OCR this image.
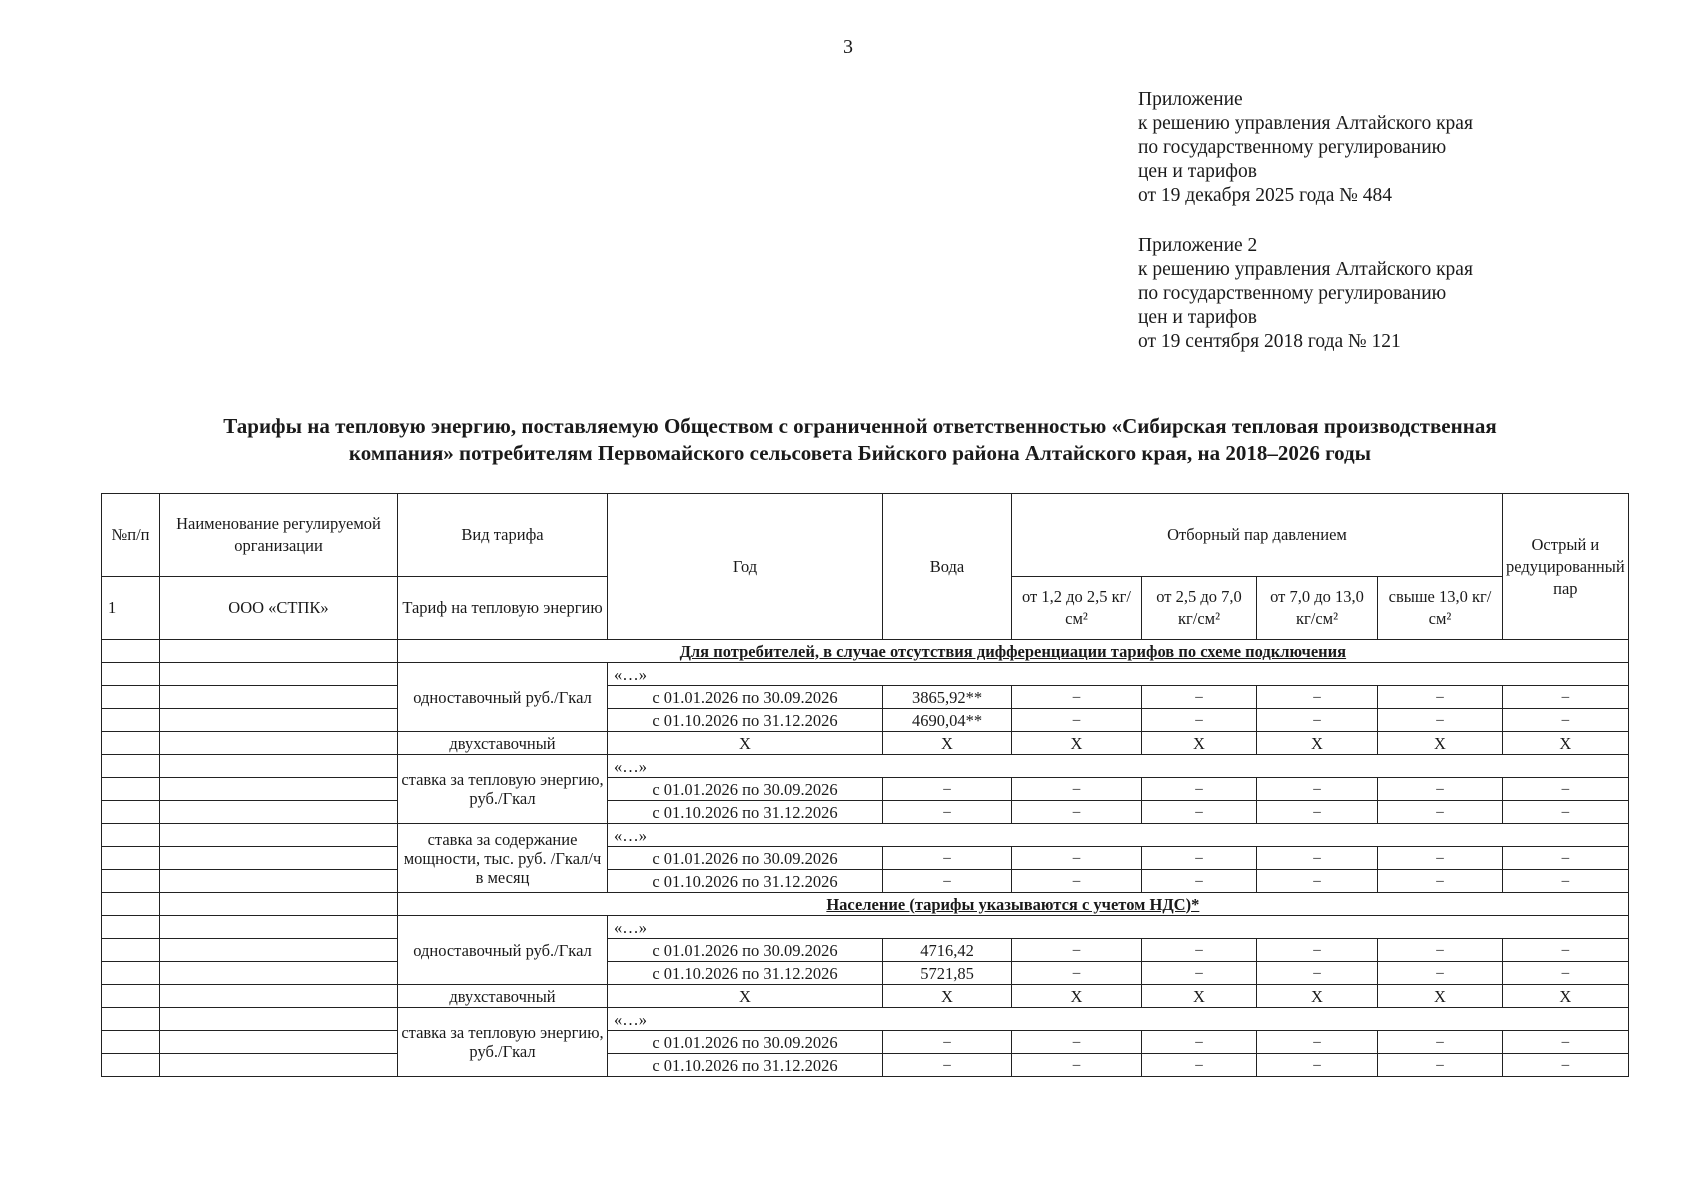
3
Приложение
к решению управления Алтайского края
по государственному регулированию
цен и тарифов
от 19 декабря 2025 года № 484
Приложение 2
к решению управления Алтайского края
по государственному регулированию
цен и тарифов
от 19 сентября 2018 года № 121
Тарифы на тепловую энергию, поставляемую Обществом с ограниченной ответственностью «Сибирская тепловая производственная
компания» потребителям Первомайского сельсовета Бийского района Алтайского края, на 2018–2026 годы
№п/п	Наименование регулируемой организации	Вид тарифа	Год	Вода	Отборный пар давлением				Острый и редуцированный пар
1	ООО «СТПК»	Тариф на тепловую энергию			от 1,2 до 2,5 кг/см²	от 2,5 до 7,0 кг/см²	от 7,0 до 13,0 кг/см²	свыше 13,0 кг/см²	
		Для потребителей, в случае отсутствия дифференциации тарифов по схеме подключения							
		одноставочный руб./Гкал	«…»						
			с 01.01.2026 по 30.09.2026	3865,92**	–	–	–	–	–
			с 01.10.2026 по 31.12.2026	4690,04**	–	–	–	–	–
		двухставочный	Х	Х	Х	Х	Х	Х	Х
		ставка за тепловую энергию, руб./Гкал	«…»						
			с 01.01.2026 по 30.09.2026	–	–	–	–	–	–
			с 01.10.2026 по 31.12.2026	–	–	–	–	–	–
		ставка за содержание мощности, тыс. руб. /Гкал/ч в месяц	«…»						
			с 01.01.2026 по 30.09.2026	–	–	–	–	–	–
			с 01.10.2026 по 31.12.2026	–	–	–	–	–	–
		Население (тарифы указываются с учетом НДС)*							
		одноставочный руб./Гкал	«…»						
			с 01.01.2026 по 30.09.2026	4716,42	–	–	–	–	–
			с 01.10.2026 по 31.12.2026	5721,85	–	–	–	–	–
		двухставочный	Х	Х	Х	Х	Х	Х	Х
		ставка за тепловую энергию, руб./Гкал	«…»						
			с 01.01.2026 по 30.09.2026	–	–	–	–	–	–
			с 01.10.2026 по 31.12.2026	–	–	–	–	–	–
